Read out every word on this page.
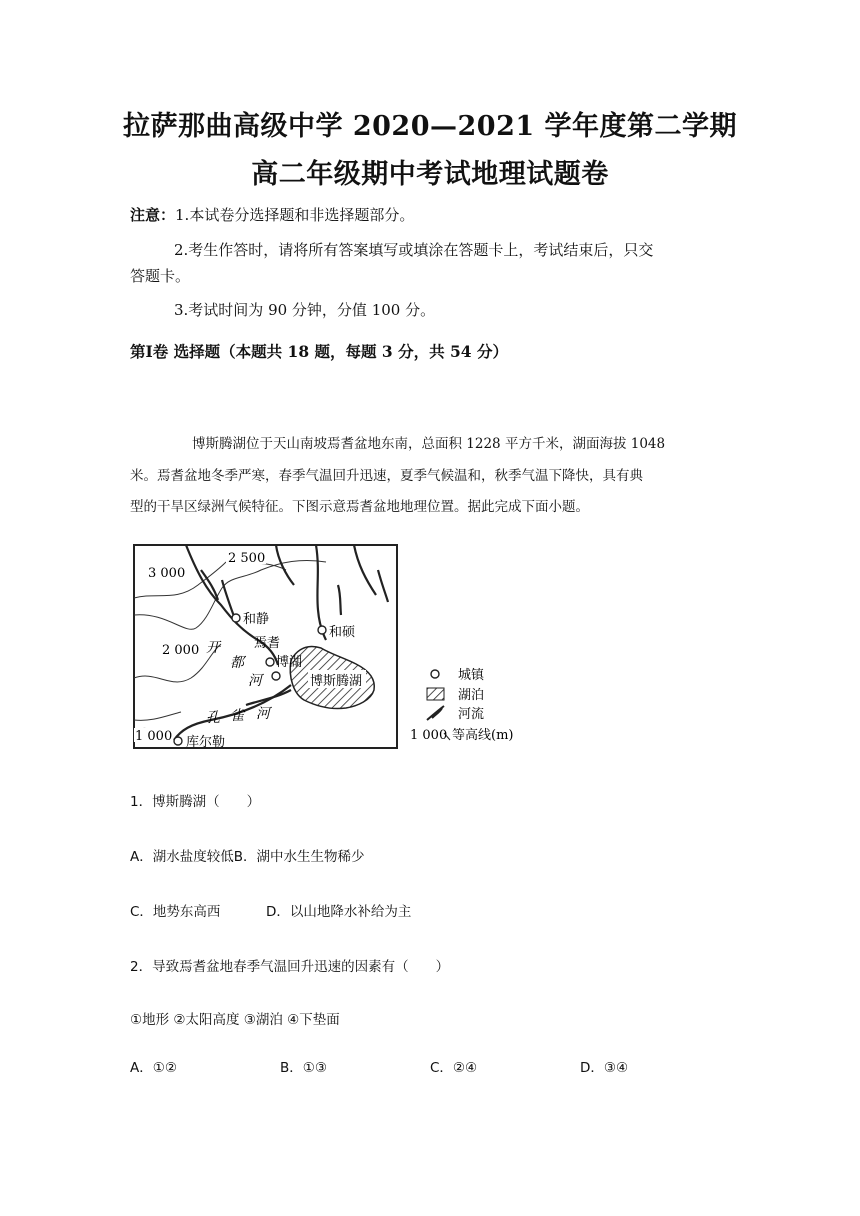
拉萨那曲高级中学 2020—2021 学年度第二学期
高二年级期中考试地理试题卷
注意：1.本试卷分选择题和非选择题部分。
2.考生作答时，请将所有答案填写或填涂在答题卡上，考试结束后，只交
答题卡。
3.考试时间为 90 分钟，分值 100 分。
第Ⅰ卷 选择题（本题共 18 题，每题 3 分，共 54 分）
博斯腾湖位于天山南坡焉耆盆地东南，总面积 1228 平方千米，湖面海拔 1048
米。焉耆盆地冬季严寒，春季气温回升迅速，夏季气候温和，秋季气温下降快，具有典
型的干旱区绿洲气候特征。下图示意焉耆盆地地理位置。据此完成下面小题。
博斯腾湖
2 500
3 000
2 000
1 000
和静
和硕
焉耆
博湖
库尔勒
开
都
河
孔 雀 河
城镇
湖泊
河流
1 000 等高线(m)
1．博斯腾湖（　　）
A．湖水盐度较低B．湖中水生生物稀少
C．地势东高西	D．以山地降水补给为主
2．导致焉耆盆地春季气温回升迅速的因素有（　　）
①地形 ②太阳高度 ③湖泊 ④下垫面
A．①②	B．①③	C．②④	D．③④
